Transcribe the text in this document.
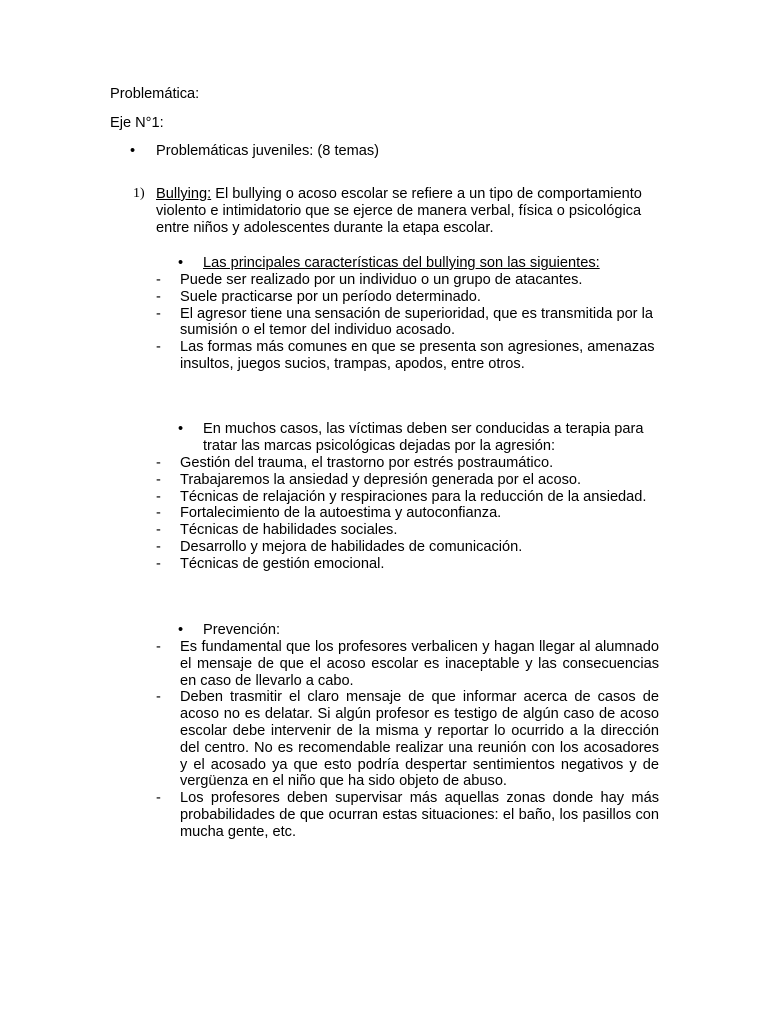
Problemática:
Eje N°1:
• Problemáticas juveniles: (8 temas)
1) Bullying: El bullying o acoso escolar se refiere a un tipo de comportamiento violento e intimidatorio que se ejerce de manera verbal, física o psicológica entre niños y adolescentes durante la etapa escolar.
• Las principales características del bullying son las siguientes:
- Puede ser realizado por un individuo o un grupo de atacantes.
- Suele practicarse por un período determinado.
- El agresor tiene una sensación de superioridad, que es transmitida por la sumisión o el temor del individuo acosado.
- Las formas más comunes en que se presenta son agresiones, amenazas insultos, juegos sucios, trampas, apodos, entre otros.
• En muchos casos, las víctimas deben ser conducidas a terapia para tratar las marcas psicológicas dejadas por la agresión:
- Gestión del trauma, el trastorno por estrés postraumático.
- Trabajaremos la ansiedad y depresión generada por el acoso.
- Técnicas de relajación y respiraciones para la reducción de la ansiedad.
- Fortalecimiento de la autoestima y autoconfianza.
- Técnicas de habilidades sociales.
- Desarrollo y mejora de habilidades de comunicación.
- Técnicas de gestión emocional.
• Prevención:
- Es fundamental que los profesores verbalicen y hagan llegar al alumnado el mensaje de que el acoso escolar es inaceptable y las consecuencias en caso de llevarlo a cabo.
- Deben trasmitir el claro mensaje de que informar acerca de casos de acoso no es delatar. Si algún profesor es testigo de algún caso de acoso escolar debe intervenir de la misma y reportar lo ocurrido a la dirección del centro. No es recomendable realizar una reunión con los acosadores y el acosado ya que esto podría despertar sentimientos negativos y de vergüenza en el niño que ha sido objeto de abuso.
- Los profesores deben supervisar más aquellas zonas donde hay más probabilidades de que ocurran estas situaciones: el baño, los pasillos con mucha gente, etc.
